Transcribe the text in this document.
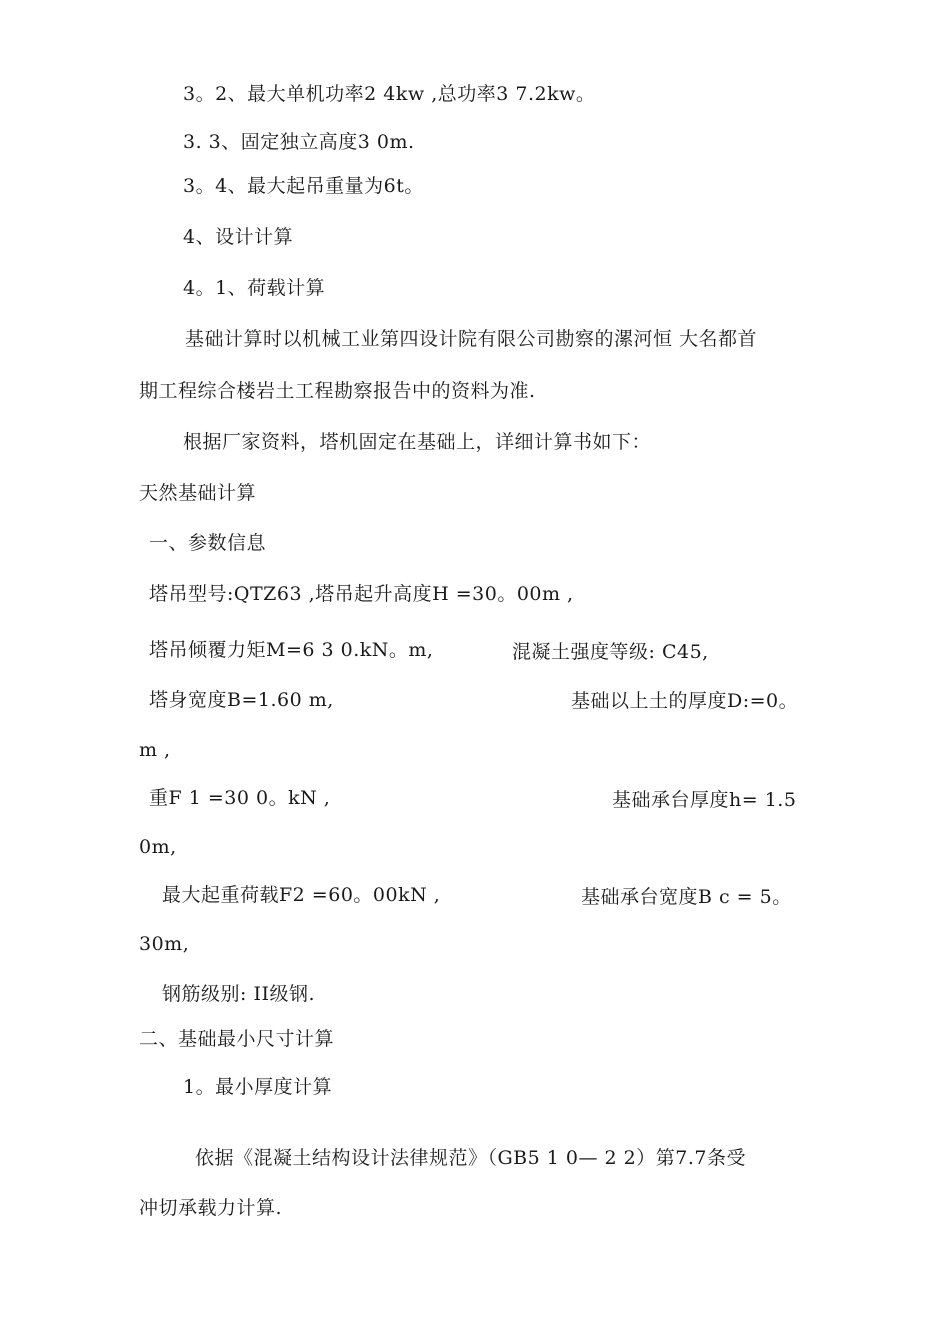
3。2、最大单机功率2 4kw ,总功率3 7.2kw。
3. 3、固定独立高度3 0m.
3。4、最大起吊重量为6t。
4、设计计算
4。1、荷载计算
基础计算时以机械工业第四设计院有限公司勘察的漯河恒 大名都首
期工程综合楼岩土工程勘察报告中的资料为准.
根据厂家资料，塔机固定在基础上，详细计算书如下：
天然基础计算
一、参数信息
塔吊型号:QTZ63 ,塔吊起升高度H =30。00m ,
塔吊倾覆力矩M=6 3 0.kN。m,	混凝土强度等级: C45,
塔身宽度B=1.60 m,	基础以上土的厚度D:=0。
m ,
重F 1 =30 0。kN ,	基础承台厚度h= 1.5
0m,
最大起重荷载F2 =60。00kN ,	基础承台宽度B c = 5。
30m,
钢筋级别: II级钢.
二、基础最小尺寸计算
1。最小厚度计算
依据《混凝土结构设计法律规范》（GB5 1 0— 2 2）第7.7条受
冲切承载力计算.
